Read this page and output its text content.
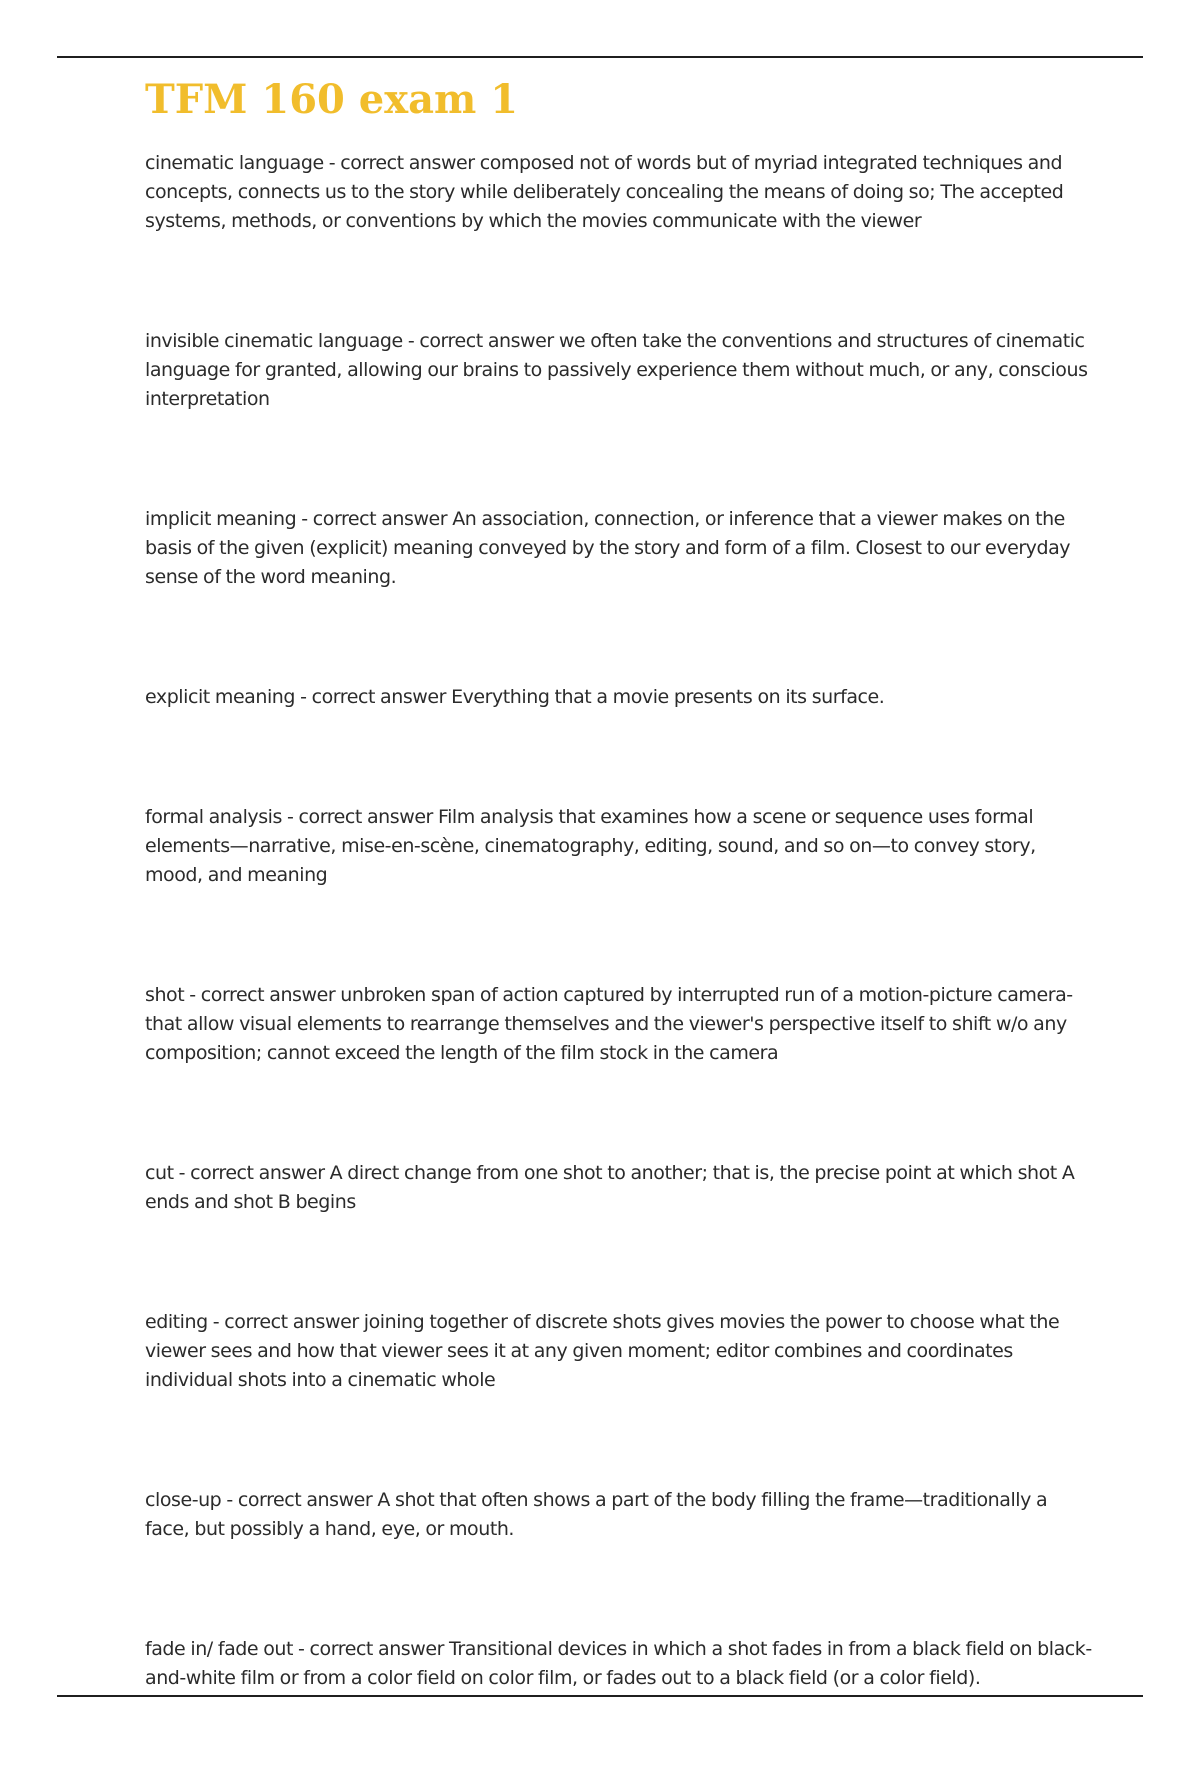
TFM 160 exam 1
cinematic language - correct answer composed not of words but of myriad integrated techniques and concepts, connects us to the story while deliberately concealing the means of doing so; The accepted systems, methods, or conventions by which the movies communicate with the viewer
invisible cinematic language - correct answer we often take the conventions and structures of cinematic language for granted, allowing our brains to passively experience them without much, or any, conscious interpretation
implicit meaning - correct answer An association, connection, or inference that a viewer makes on the basis of the given (explicit) meaning conveyed by the story and form of a film. Closest to our everyday sense of the word meaning.
explicit meaning - correct answer Everything that a movie presents on its surface.
formal analysis - correct answer Film analysis that examines how a scene or sequence uses formal elements—narrative, mise-en-scène, cinematography, editing, sound, and so on—to convey story, mood, and meaning
shot - correct answer unbroken span of action captured by interrupted run of a motion-picture camera- that allow visual elements to rearrange themselves and the viewer's perspective itself to shift w/o any composition; cannot exceed the length of the film stock in the camera
cut - correct answer A direct change from one shot to another; that is, the precise point at which shot A ends and shot B begins
editing - correct answer joining together of discrete shots gives movies the power to choose what the viewer sees and how that viewer sees it at any given moment; editor combines and coordinates individual shots into a cinematic whole
close-up - correct answer A shot that often shows a part of the body filling the frame—traditionally a face, but possibly a hand, eye, or mouth.
fade in/ fade out - correct answer Transitional devices in which a shot fades in from a black field on black-and-white film or from a color field on color film, or fades out to a black field (or a color field).
